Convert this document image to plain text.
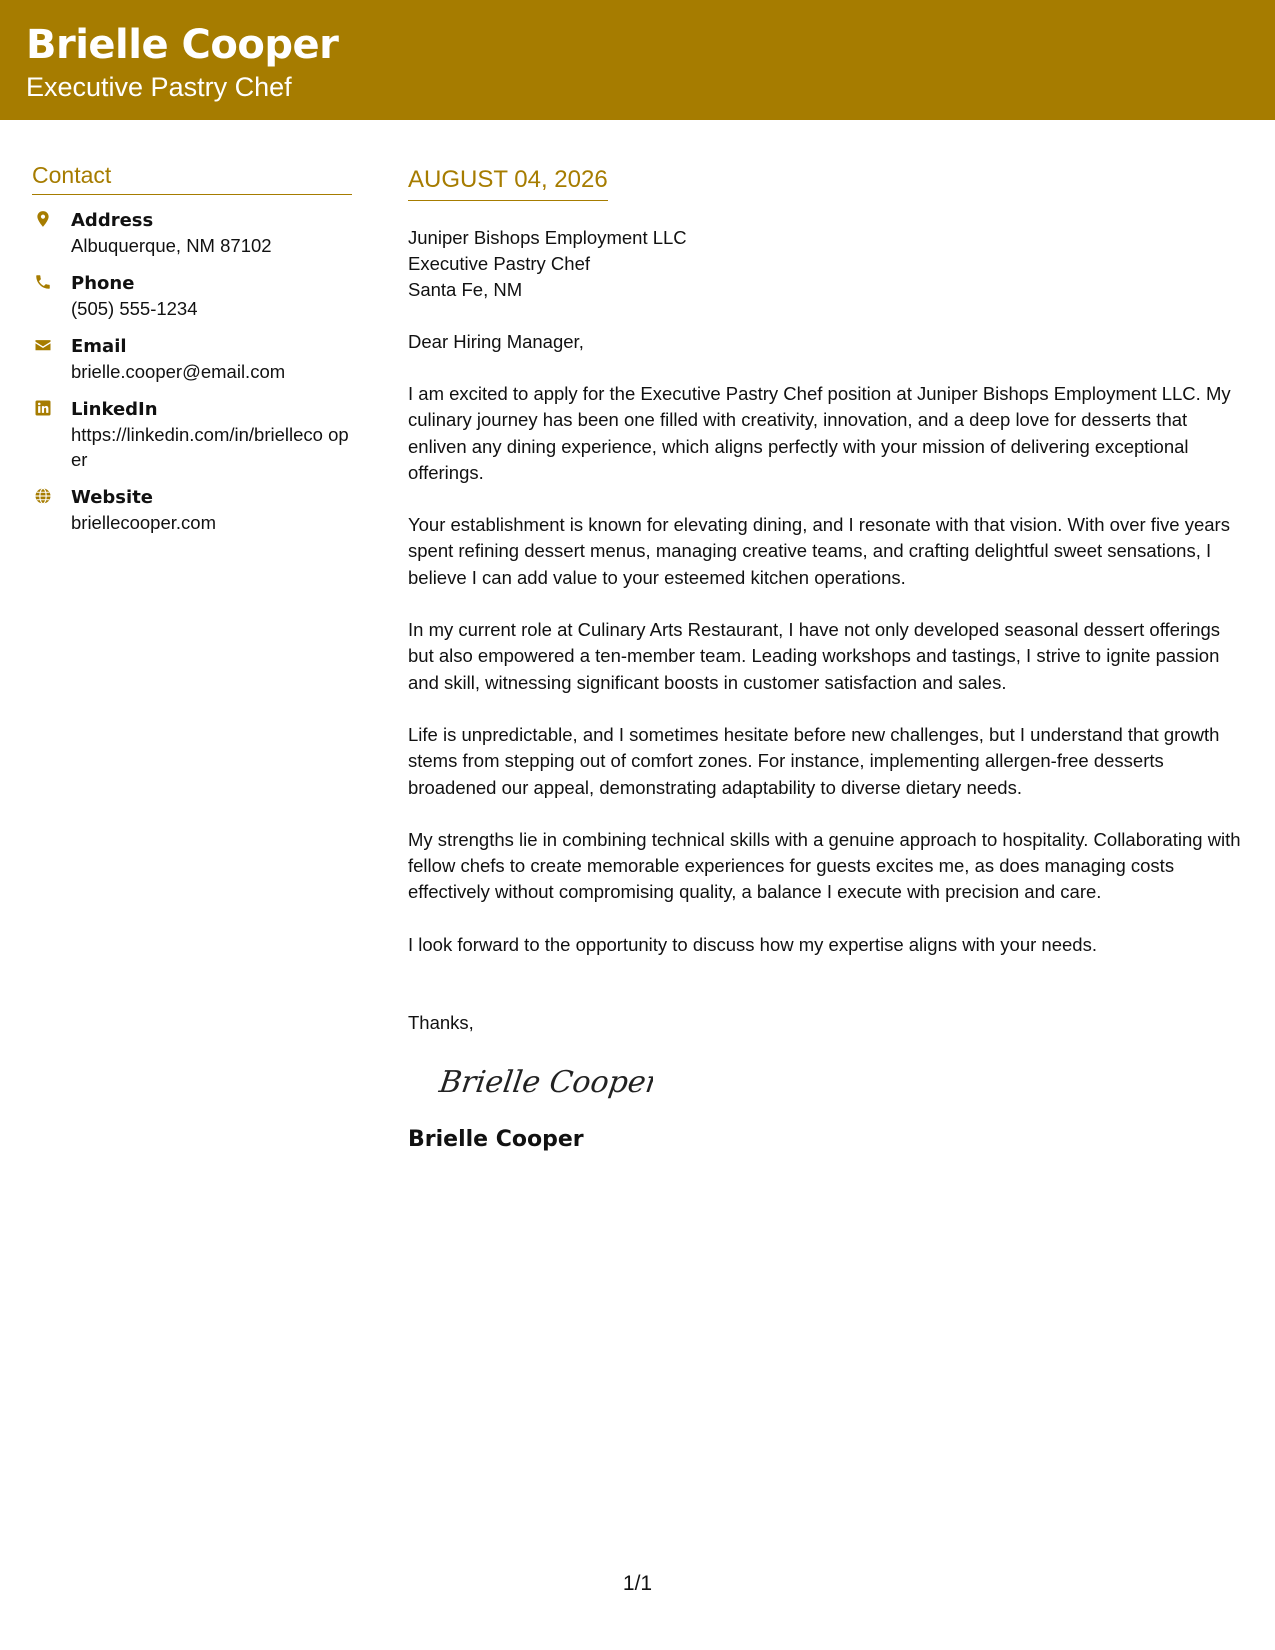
Brielle Cooper
Executive Pastry Chef
Contact
Address
Albuquerque, NM 87102
Phone
(505) 555-1234
Email
brielle.cooper@email.com
LinkedIn
https://linkedin.com/in/brielleco oper
Website
briellecooper.com
AUGUST 04, 2026
Juniper Bishops Employment LLC
Executive Pastry Chef
Santa Fe, NM
Dear Hiring Manager,
I am excited to apply for the Executive Pastry Chef position at Juniper Bishops Employment LLC. My culinary journey has been one filled with creativity, innovation, and a deep love for desserts that enliven any dining experience, which aligns perfectly with your mission of delivering exceptional offerings.
Your establishment is known for elevating dining, and I resonate with that vision. With over five years spent refining dessert menus, managing creative teams, and crafting delightful sweet sensations, I believe I can add value to your esteemed kitchen operations.
In my current role at Culinary Arts Restaurant, I have not only developed seasonal dessert offerings but also empowered a ten-member team. Leading workshops and tastings, I strive to ignite passion and skill, witnessing significant boosts in customer satisfaction and sales.
Life is unpredictable, and I sometimes hesitate before new challenges, but I understand that growth stems from stepping out of comfort zones. For instance, implementing allergen-free desserts broadened our appeal, demonstrating adaptability to diverse dietary needs.
My strengths lie in combining technical skills with a genuine approach to hospitality. Collaborating with fellow chefs to create memorable experiences for guests excites me, as does managing costs effectively without compromising quality, a balance I execute with precision and care.
I look forward to the opportunity to discuss how my expertise aligns with your needs.
Thanks,
Brielle Cooper
Brielle Cooper
1/1
